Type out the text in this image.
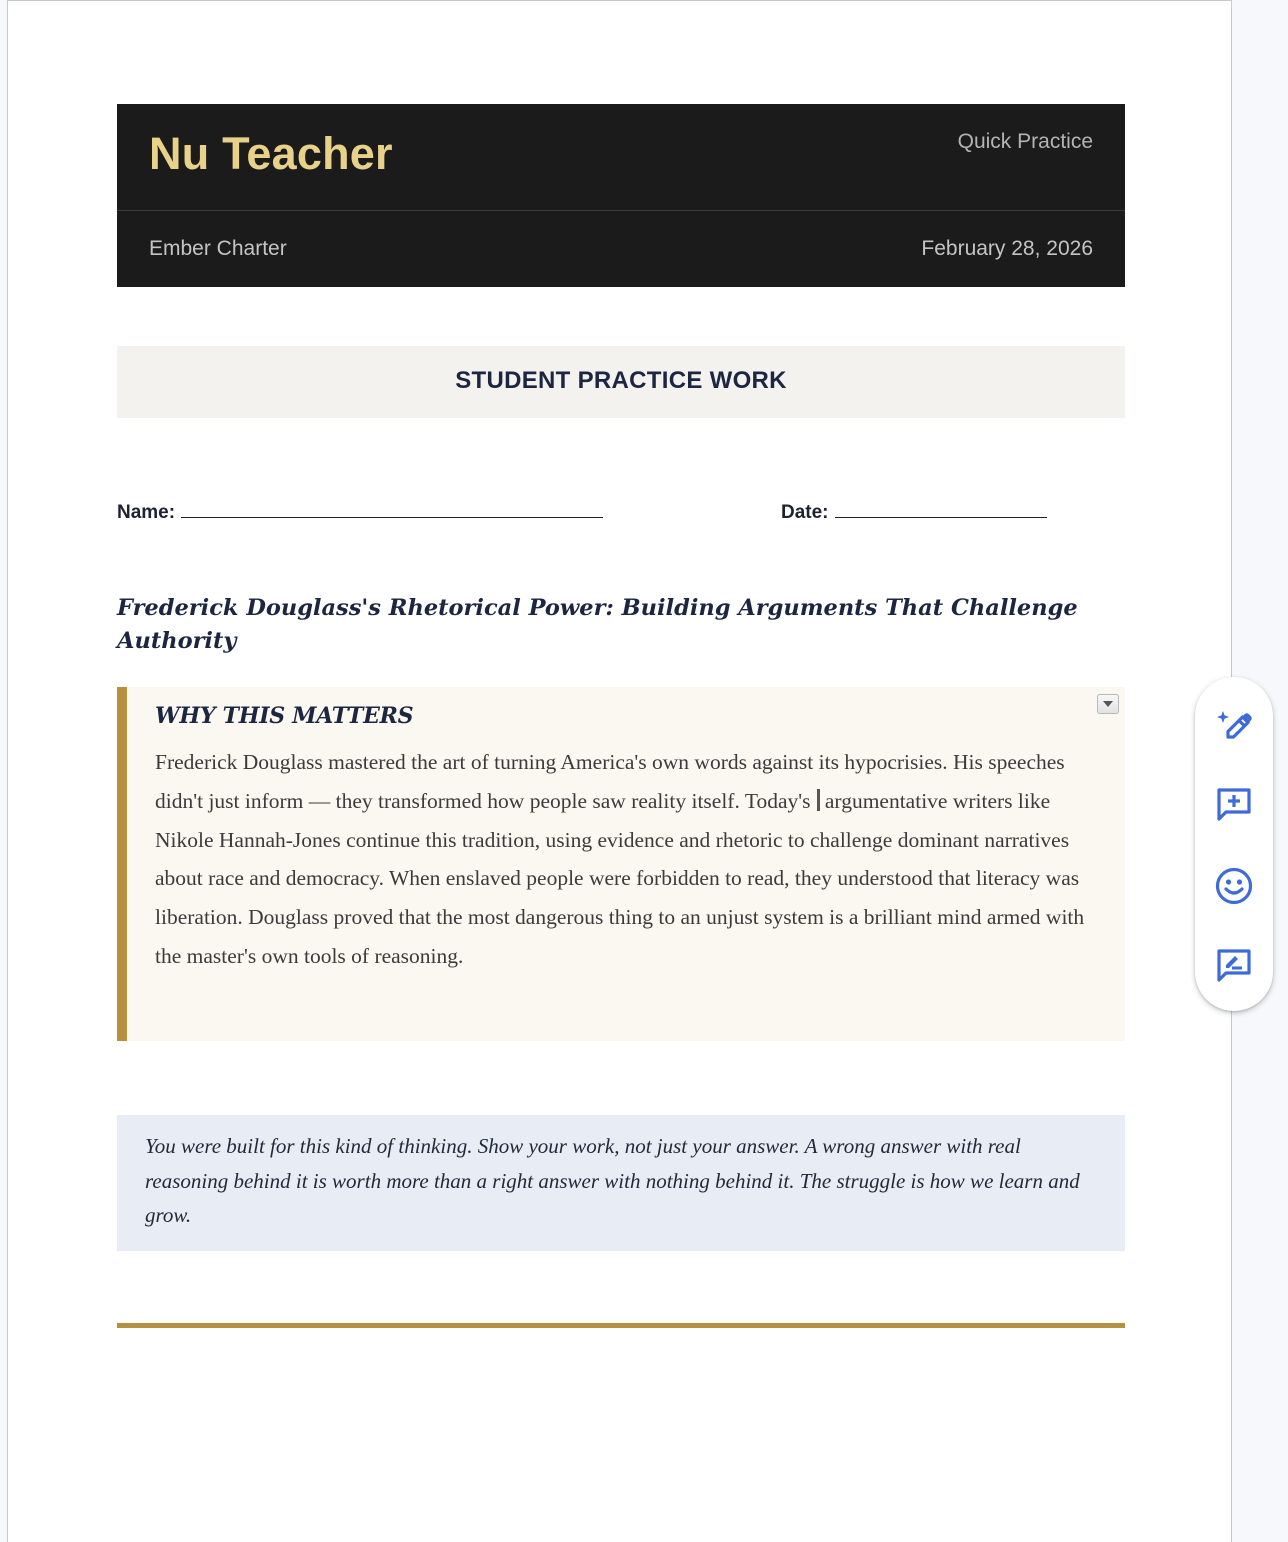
Nu Teacher	Quick Practice
Ember Charter	February 28, 2026
STUDENT PRACTICE WORK
Name:	Date:
Frederick Douglass's Rhetorical Power: Building Arguments That Challenge Authority
WHY THIS MATTERS
Frederick Douglass mastered the art of turning America's own words against its hypocrisies. His speeches didn't just inform — they transformed how people saw reality itself. Today's argumentative writers like Nikole Hannah-Jones continue this tradition, using evidence and rhetoric to challenge dominant narratives about race and democracy. When enslaved people were forbidden to read, they understood that literacy was liberation. Douglass proved that the most dangerous thing to an unjust system is a brilliant mind armed with the master's own tools of reasoning.
You were built for this kind of thinking. Show your work, not just your answer. A wrong answer with real reasoning behind it is worth more than a right answer with nothing behind it. The struggle is how we learn and grow.
